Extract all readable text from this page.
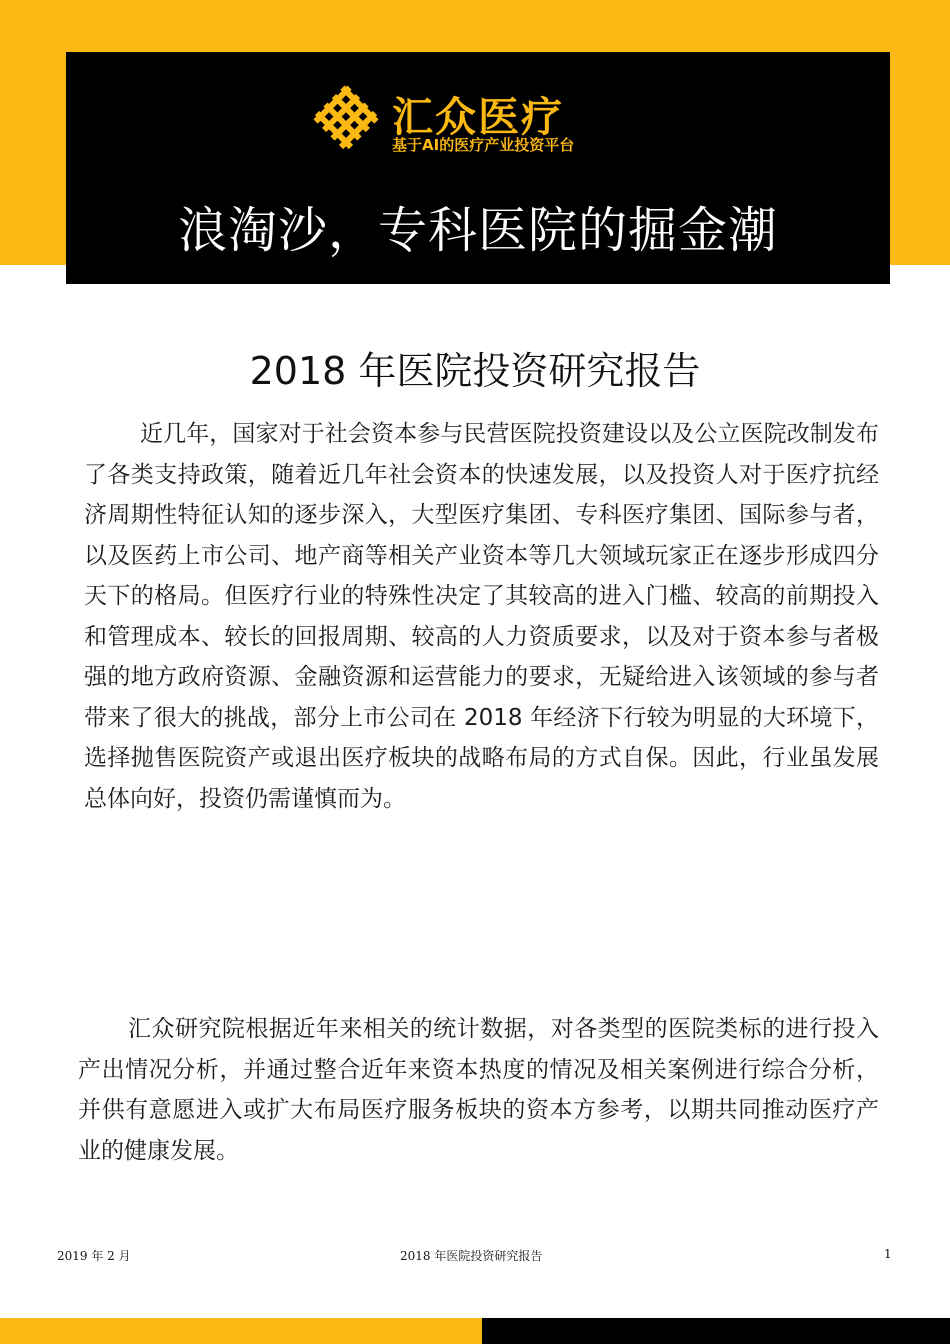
汇众医疗
基于AI的医疗产业投资平台
浪淘沙，专科医院的掘金潮
2018 年医院投资研究报告

近几年，国家对于社会资本参与民营医院投资建设以及公立医院改制发布了各类支持政策，随着近几年社会资本的快速发展，以及投资人对于医疗抗经济周期性特征认知的逐步深入，大型医疗集团、专科医疗集团、国际参与者，以及医药上市公司、地产商等相关产业资本等几大领域玩家正在逐步形成四分天下的格局。但医疗行业的特殊性决定了其较高的进入门槛、较高的前期投入和管理成本、较长的回报周期、较高的人力资质要求，以及对于资本参与者极强的地方政府资源、金融资源和运营能力的要求，无疑给进入该领域的参与者带来了很大的挑战，部分上市公司在 2018 年经济下行较为明显的大环境下，选择抛售医院资产或退出医疗板块的战略布局的方式自保。因此，行业虽发展总体向好，投资仍需谨慎而为。

汇众研究院根据近年来相关的统计数据，对各类型的医院类标的进行投入产出情况分析，并通过整合近年来资本热度的情况及相关案例进行综合分析，并供有意愿进入或扩大布局医疗服务板块的资本方参考，以期共同推动医疗产业的健康发展。

2019 年 2 月	2018 年医院投资研究报告	1
